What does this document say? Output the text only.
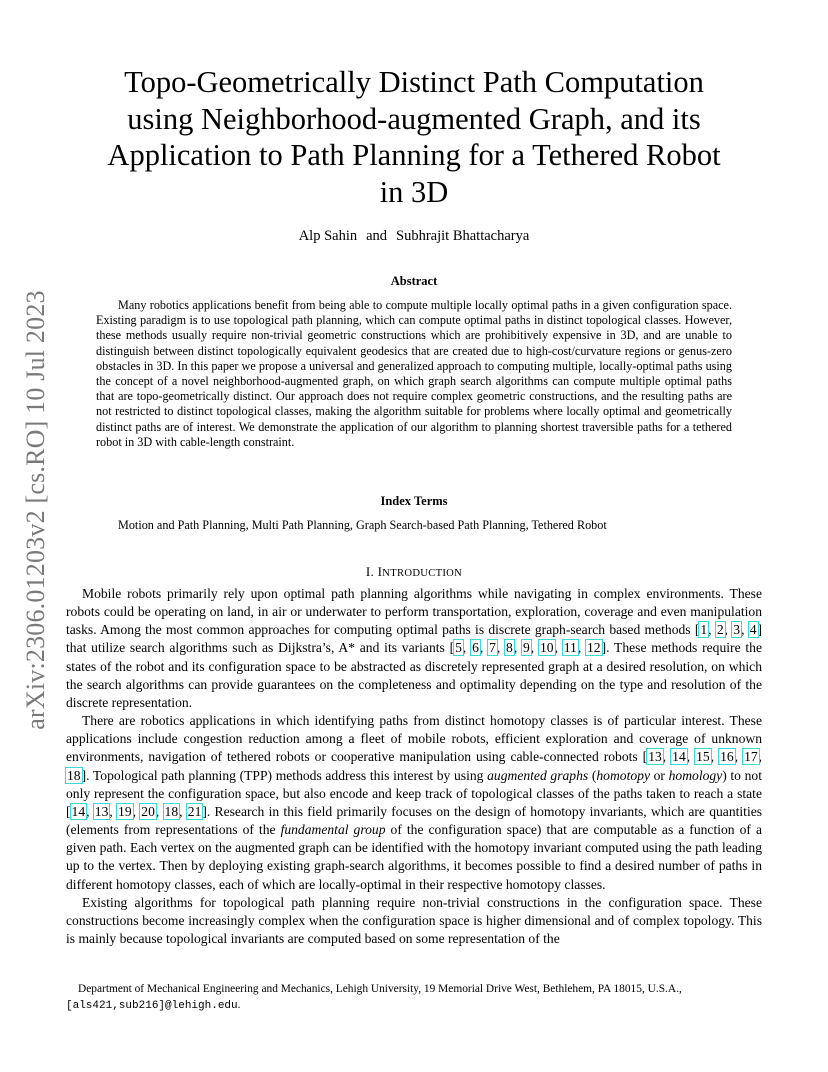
arXiv:2306.01203v2 [cs.RO] 10 Jul 2023
Topo-Geometrically Distinct Path Computation
using Neighborhood-augmented Graph, and its
Application to Path Planning for a Tethered Robot
in 3D
Alp Sahin and Subhrajit Bhattacharya
Abstract

Many robotics applications benefit from being able to compute multiple locally optimal paths in a given configuration space. Existing paradigm is to use topological path planning, which can compute optimal paths in distinct topological classes. However, these methods usually require non-trivial geometric constructions which are prohibitively expensive in 3D, and are unable to distinguish between distinct topologically equivalent geodesics that are created due to high-cost/curvature regions or genus-zero obstacles in 3D. In this paper we propose a universal and generalized approach to computing multiple, locally-optimal paths using the concept of a novel neighborhood-augmented graph, on which graph search algorithms can compute multiple optimal paths that are topo-geometrically distinct. Our approach does not require complex geometric constructions, and the resulting paths are not restricted to distinct topological classes, making the algorithm suitable for problems where locally optimal and geometrically distinct paths are of interest. We demonstrate the application of our algorithm to planning shortest traversible paths for a tethered robot in 3D with cable-length constraint.

Index Terms
Motion and Path Planning, Multi Path Planning, Graph Search-based Path Planning, Tethered Robot
I. INTRODUCTION

Mobile robots primarily rely upon optimal path planning algorithms while navigating in complex environments. These robots could be operating on land, in air or underwater to perform transportation, exploration, coverage and even manipulation tasks. Among the most common approaches for computing optimal paths is discrete graph-search based methods [1, 2, 3, 4] that utilize search algorithms such as Dijkstra’s, A* and its variants [5, 6, 7, 8, 9, 10, 11, 12]. These methods require the states of the robot and its configuration space to be abstracted as discretely represented graph at a desired resolution, on which the search algorithms can provide guarantees on the completeness and optimality depending on the type and resolution of the discrete representation.

There are robotics applications in which identifying paths from distinct homotopy classes is of particular interest. These applications include congestion reduction among a fleet of mobile robots, efficient exploration and coverage of unknown environments, navigation of tethered robots or cooperative manipulation using cable-connected robots [13, 14, 15, 16, 17, 18]. Topological path planning (TPP) methods address this interest by using augmented graphs (homotopy or homology) to not only represent the configuration space, but also encode and keep track of topological classes of the paths taken to reach a state [14, 13, 19, 20, 18, 21]. Research in this field primarily focuses on the design of homotopy invariants, which are quantities (elements from representations of the fundamental group of the configuration space) that are computable as a function of a given path. Each vertex on the augmented graph can be identified with the homotopy invariant computed using the path leading up to the vertex. Then by deploying existing graph-search algorithms, it becomes possible to find a desired number of paths in different homotopy classes, each of which are locally-optimal in their respective homotopy classes.

Existing algorithms for topological path planning require non-trivial constructions in the configuration space. These constructions become increasingly complex when the configuration space is higher dimensional and of complex topology. This is mainly because topological invariants are computed based on some representation of the

Department of Mechanical Engineering and Mechanics, Lehigh University, 19 Memorial Drive West, Bethlehem, PA 18015, U.S.A., [als421,sub216]@lehigh.edu.
